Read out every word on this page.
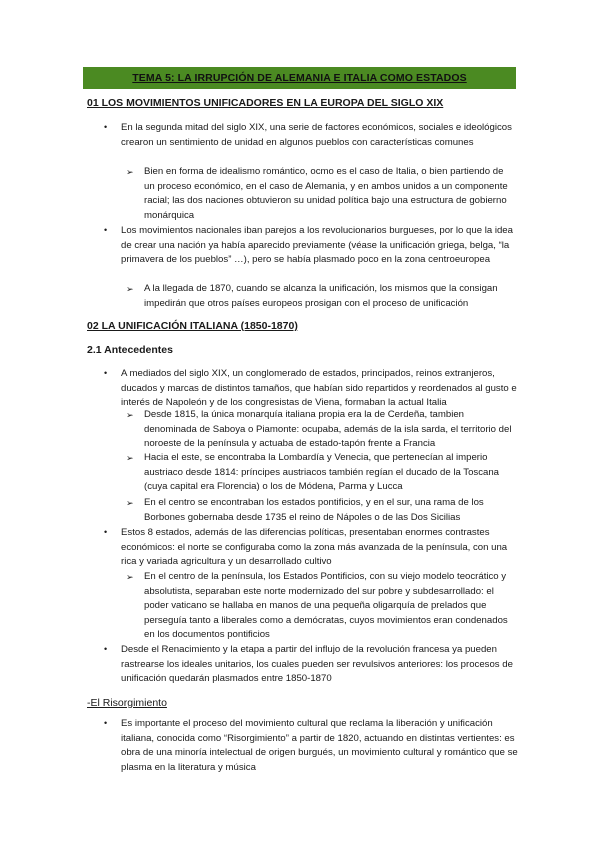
TEMA 5: LA IRRUPCIÓN DE ALEMANIA E ITALIA COMO ESTADOS
01 LOS MOVIMIENTOS UNIFICADORES EN LA EUROPA DEL SIGLO XIX
• En la segunda mitad del siglo XIX, una serie de factores económicos, sociales e ideológicos crearon un sentimiento de unidad en algunos pueblos con características comunes
➢ Bien en forma de idealismo romántico, ocmo es el caso de Italia, o bien partiendo de un proceso económico, en el caso de Alemania, y en ambos unidos a un componente racial; las dos naciones obtuvieron su unidad política bajo una estructura de gobierno monárquica
• Los movimientos nacionales iban parejos a los revolucionarios burgueses, por lo que la idea de crear una nación ya había aparecido previamente (véase la unificación griega, belga, “la primavera de los pueblos” …), pero se había plasmado poco en la zona centroeuropea
➢ A la llegada de 1870, cuando se alcanza la unificación, los mismos que la consigan impedirán que otros países europeos prosigan con el proceso de unificación
02 LA UNIFICACIÓN ITALIANA (1850-1870)
2.1 Antecedentes
• A mediados del siglo XIX, un conglomerado de estados, principados, reinos extranjeros, ducados y marcas de distintos tamaños, que habían sido repartidos y reordenados al gusto e interés de Napoleón y de los congresistas de Viena, formaban la actual Italia
➢ Desde 1815, la única monarquía italiana propia era la de Cerdeña, tambien denominada de Saboya o Piamonte: ocupaba, además de la isla sarda, el territorio del noroeste de la península y actuaba de estado-tapón frente a Francia
➢ Hacia el este, se encontraba la Lombardía y Venecia, que pertenecían al imperio austriaco desde 1814: príncipes austriacos también regían el ducado de la Toscana (cuya capital era Florencia) o los de Módena, Parma y Lucca
➢ En el centro se encontraban los estados pontificios, y en el sur, una rama de los Borbones gobernaba desde 1735 el reino de Nápoles o de las Dos Sicilias
• Estos 8 estados, además de las diferencias políticas, presentaban enormes contrastes económicos: el norte se configuraba como la zona más avanzada de la península, con una rica y variada agricultura y un desarrollado cultivo
➢ En el centro de la península, los Estados Pontificios, con su viejo modelo teocrático y absolutista, separaban este norte modernizado del sur pobre y subdesarrollado: el poder vaticano se hallaba en manos de una pequeña oligarquía de prelados que perseguía tanto a liberales como a demócratas, cuyos movimientos eran condenados en los documentos pontificios
• Desde el Renacimiento y la etapa a partir del influjo de la revolución francesa ya pueden rastrearse los ideales unitarios, los cuales pueden ser revulsivos anteriores: los procesos de unificación quedarán plasmados entre 1850-1870
-El Risorgimiento
• Es importante el proceso del movimiento cultural que reclama la liberación y unificación italiana, conocida como “Risorgimiento” a partir de 1820, actuando en distintas vertientes: es obra de una minoría intelectual de origen burgués, un movimiento cultural y romántico que se plasma en la literatura y música
